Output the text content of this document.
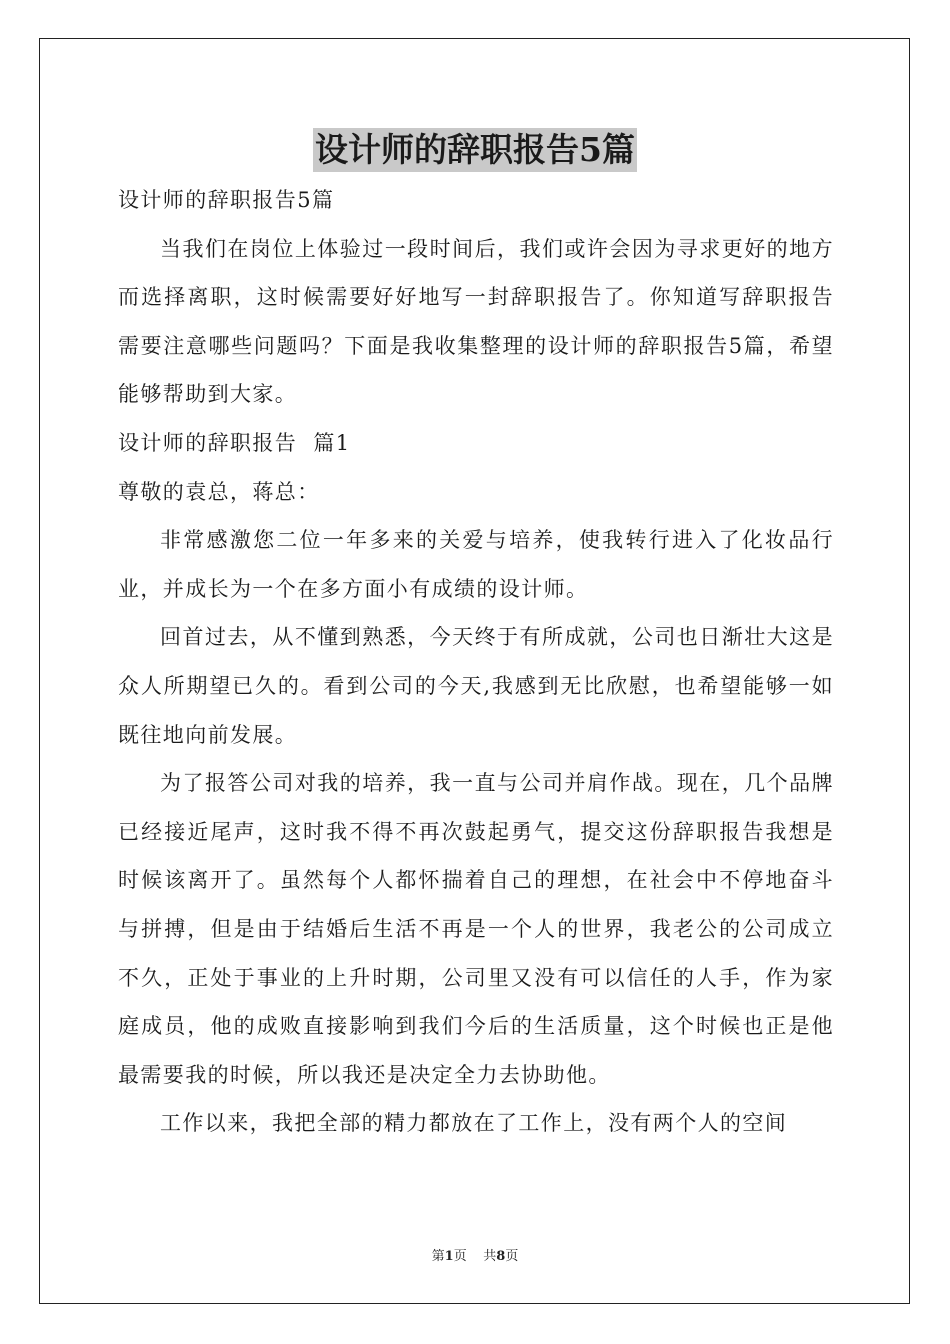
设计师的辞职报告5篇

设计师的辞职报告5篇

当我们在岗位上体验过一段时间后，我们或许会因为寻求更好的地方而选择离职，这时候需要好好地写一封辞职报告了。你知道写辞职报告需要注意哪些问题吗？下面是我收集整理的设计师的辞职报告5篇，希望能够帮助到大家。

设计师的辞职报告  篇1

尊敬的袁总，蒋总：

非常感激您二位一年多来的关爱与培养，使我转行进入了化妆品行业，并成长为一个在多方面小有成绩的设计师。

回首过去，从不懂到熟悉，今天终于有所成就，公司也日渐壮大这是众人所期望已久的。看到公司的今天,我感到无比欣慰，也希望能够一如既往地向前发展。

为了报答公司对我的培养，我一直与公司并肩作战。现在，几个品牌已经接近尾声，这时我不得不再次鼓起勇气，提交这份辞职报告我想是时候该离开了。虽然每个人都怀揣着自己的理想，在社会中不停地奋斗与拼搏，但是由于结婚后生活不再是一个人的世界，我老公的公司成立不久，正处于事业的上升时期，公司里又没有可以信任的人手，作为家庭成员，他的成败直接影响到我们今后的生活质量，这个时候也正是他最需要我的时候，所以我还是决定全力去协助他。

工作以来，我把全部的精力都放在了工作上，没有两个人的空间

第1页 共8页
